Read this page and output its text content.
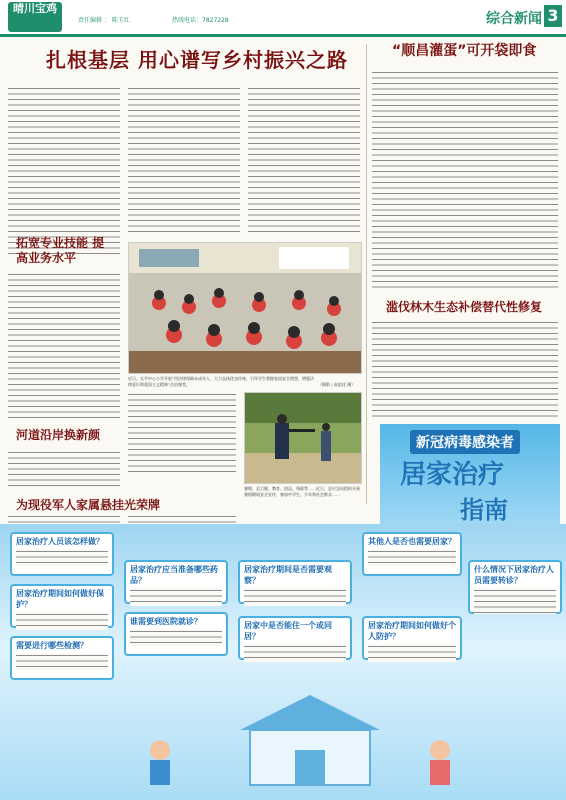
晴川宝鸡
责任编辑 ： 陈玉红	热线电话：7827228	综合新闻 3
扎根基层 用心谱写乡村振兴之路
拓宽专业技能 提高业务水平
近日，太平中心小学开展“用法律保障未成年人，大力弘扬优良传统，引导学生掌握家国安全理想，增强法律意识和爱国主义精神”法治课堂。	（摄影 / 高思佳 摄）
河道沿岸换新颜
为现役军人家属悬挂光荣牌
暑期，县卫健、教育、团县、残联等……近日，县应急局组织开展暑假期间安全宣传，参加中学生、少年和社会群众……
“顺昌灌蛋”可开袋即食
滥伐林木生态补偿替代性修复
新冠病毒感染者
居家治疗
指南
居家治疗人员该怎样做？
居家治疗应当准备哪些药品？
居家治疗期间如何做好保护？
谁需要到医院就诊？
需要进行哪些检测？
居家治疗期间是否需要观察？
居家中是否能住一个或同居？
其他人是否也需要居家？
居家治疗期间如何做好个人防护？
什么情况下居家治疗人员需要转诊？
